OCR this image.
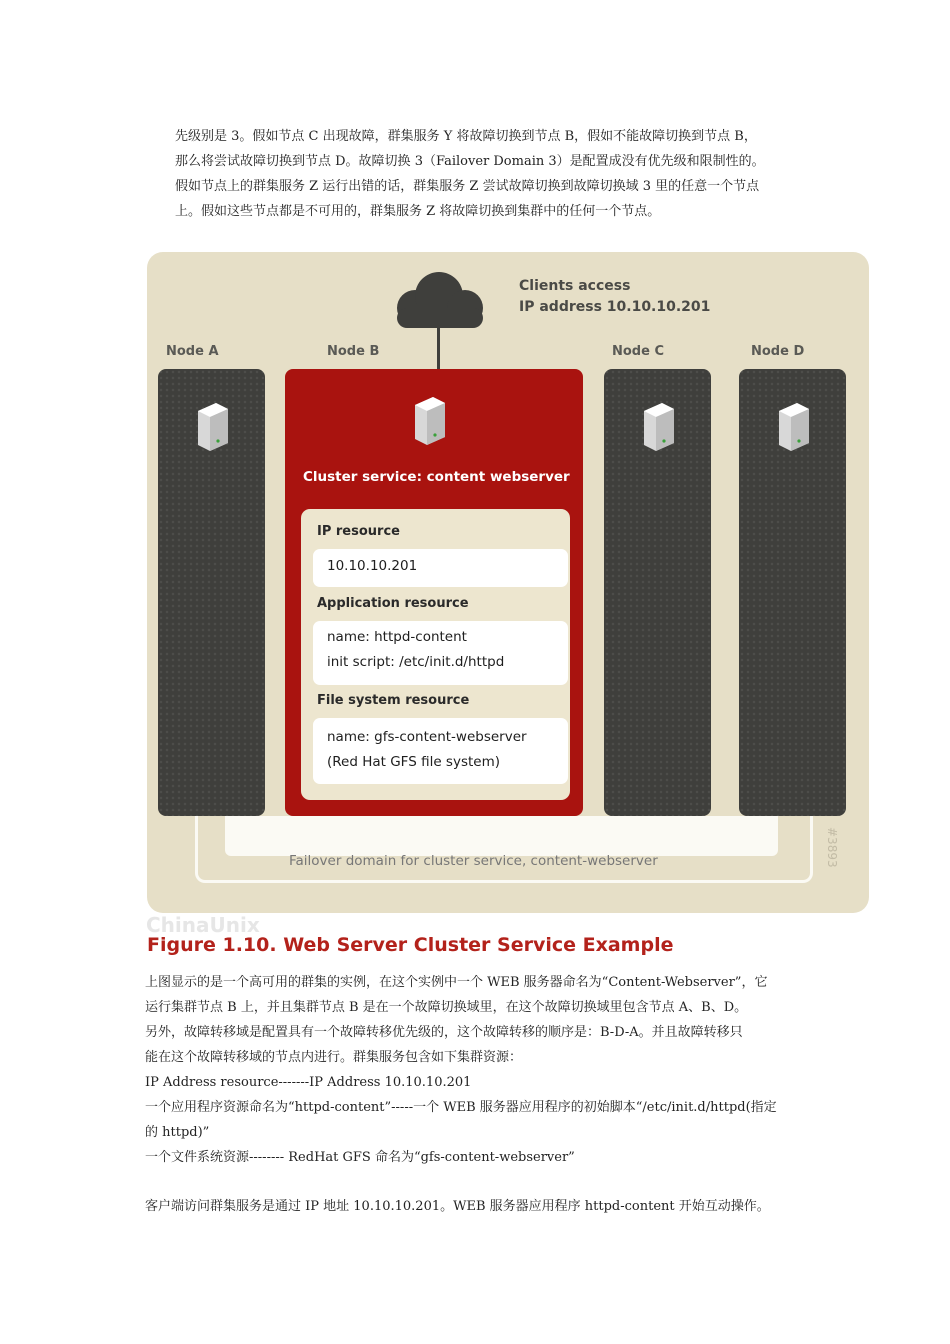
先级别是 3。假如节点 C 出现故障，群集服务 Y 将故障切换到节点 B，假如不能故障切换到节点 B，
那么将尝试故障切换到节点 D。故障切换 3（Failover Domain 3）是配置成没有优先级和限制性的。
假如节点上的群集服务 Z 运行出错的话，群集服务 Z 尝试故障切换到故障切换域 3 里的任意一个节点
上。假如这些节点都是不可用的，群集服务 Z 将故障切换到集群中的任何一个节点。
Clients access
IP address 10.10.10.201
Node A	Node B	Node C	Node D
Failover domain for cluster service, content-webserver
Cluster service: content webserver
IP resource
10.10.10.201
Application resource
name: httpd-content
init script: /etc/init.d/httpd
File system resource
name: gfs-content-webserver
(Red Hat GFS file system)
#3893
ChinaUnix
Figure 1.10. Web Server Cluster Service Example
上图显示的是一个高可用的群集的实例，在这个实例中一个 WEB 服务器命名为“Content-Webserver”，它
运行集群节点 B 上，并且集群节点 B 是在一个故障切换域里，在这个故障切换域里包含节点 A、B、D。
另外，故障转移域是配置具有一个故障转移优先级的，这个故障转移的顺序是：B-D-A。并且故障转移只
能在这个故障转移域的节点内进行。群集服务包含如下集群资源：
IP Address resource-------IP Address 10.10.10.201
一个应用程序资源命名为“httpd-content”-----一个 WEB 服务器应用程序的初始脚本“/etc/init.d/httpd(指定
的 httpd)”
一个文件系统资源-------- RedHat GFS 命名为“gfs-content-webserver”
客户端访问群集服务是通过 IP 地址 10.10.10.201。WEB 服务器应用程序 httpd-content 开始互动操作。
